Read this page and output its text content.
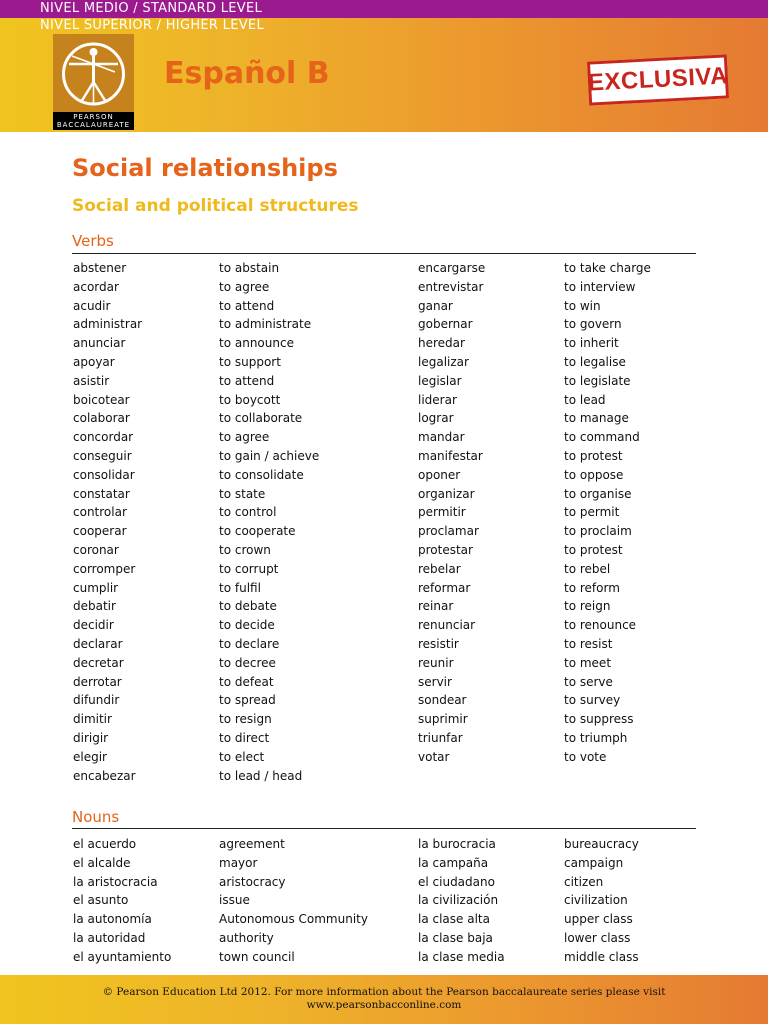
NIVEL MEDIO / STANDARD LEVEL
NIVEL SUPERIOR / HIGHER LEVEL
PEARSON
BACCALAUREATE
Español B	EXCLUSIVA
Social relationships
Social and political structures
Verbs
abstener
acordar
acudir
administrar
anunciar
apoyar
asistir
boicotear
colaborar
concordar
conseguir
consolidar
constatar
controlar
cooperar
coronar
corromper
cumplir
debatir
decidir
declarar
decretar
derrotar
difundir
dimitir
dirigir
elegir
encabezar
to abstain
to agree
to attend
to administrate
to announce
to support
to attend
to boycott
to collaborate
to agree
to gain / achieve
to consolidate
to state
to control
to cooperate
to crown
to corrupt
to fulfil
to debate
to decide
to declare
to decree
to defeat
to spread
to resign
to direct
to elect
to lead / head
encargarse
entrevistar
ganar
gobernar
heredar
legalizar
legislar
liderar
lograr
mandar
manifestar
oponer
organizar
permitir
proclamar
protestar
rebelar
reformar
reinar
renunciar
resistir
reunir
servir
sondear
suprimir
triunfar
votar
to take charge
to interview
to win
to govern
to inherit
to legalise
to legislate
to lead
to manage
to command
to protest
to oppose
to organise
to permit
to proclaim
to protest
to rebel
to reform
to reign
to renounce
to resist
to meet
to serve
to survey
to suppress
to triumph
to vote
Nouns
el acuerdo
el alcalde
la aristocracia
el asunto
la autonomía
la autoridad
el ayuntamiento
agreement
mayor
aristocracy
issue
Autonomous Community
authority
town council
la burocracia
la campaña
el ciudadano
la civilización
la clase alta
la clase baja
la clase media
bureaucracy
campaign
citizen
civilization
upper class
lower class
middle class
© Pearson Education Ltd 2012. For more information about the Pearson baccalaureate series please visit
www.pearsonbacconline.com
